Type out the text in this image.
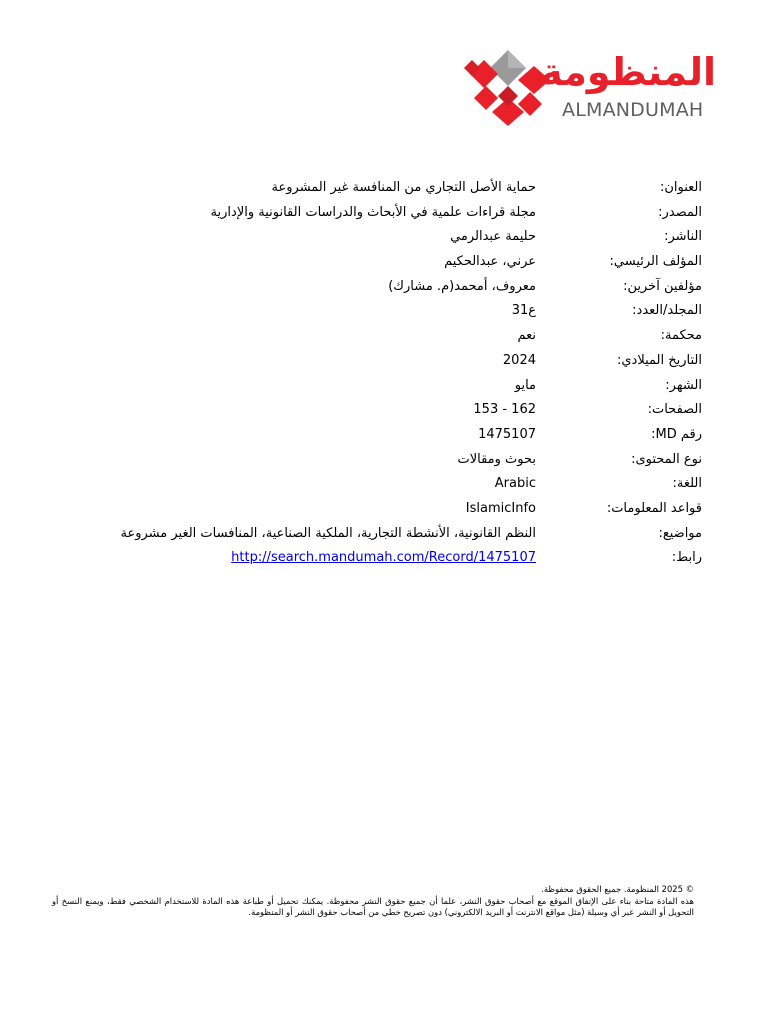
المنظومة
ALMANDUMAH
العنوان:
حماية الأصل التجاري من المنافسة غير المشروعة
المصدر:
مجلة قراءات علمية في الأبحاث والدراسات القانونية والإدارية
الناشر:
حليمة عبدالرمي
المؤلف الرئيسي:
عرني، عبدالحكيم
مؤلفين آخرين:
معروف، أمحمد(م. مشارك)
المجلد/العدد:
ع31
محكمة:
نعم
التاريخ الميلادي:
2024
الشهر:
مايو
الصفحات:
153 - 162
رقم MD:
1475107
نوع المحتوى:
بحوث ومقالات
اللغة:
Arabic
قواعد المعلومات:
IslamicInfo
مواضيع:
النظم القانونية، الأنشطة التجارية، الملكية الصناعية، المنافسات الغير مشروعة
رابط:
http://search.mandumah.com/Record/1475107

© 2025 المنظومة. جميع الحقوق محفوظة.

هذه المادة متاحة بناء على الإتفاق الموقع مع أصحاب حقوق النشر، علما أن جميع حقوق النشر محفوظة. يمكنك تحميل أو طباعة هذه المادة للاستخدام الشخصي فقط، ويمنع النسخ أو التحويل أو النشر عبر أي وسيلة (مثل مواقع الانترنت أو البريد الالكتروني) دون تصريح خطي من أصحاب حقوق النشر أو المنظومة.
